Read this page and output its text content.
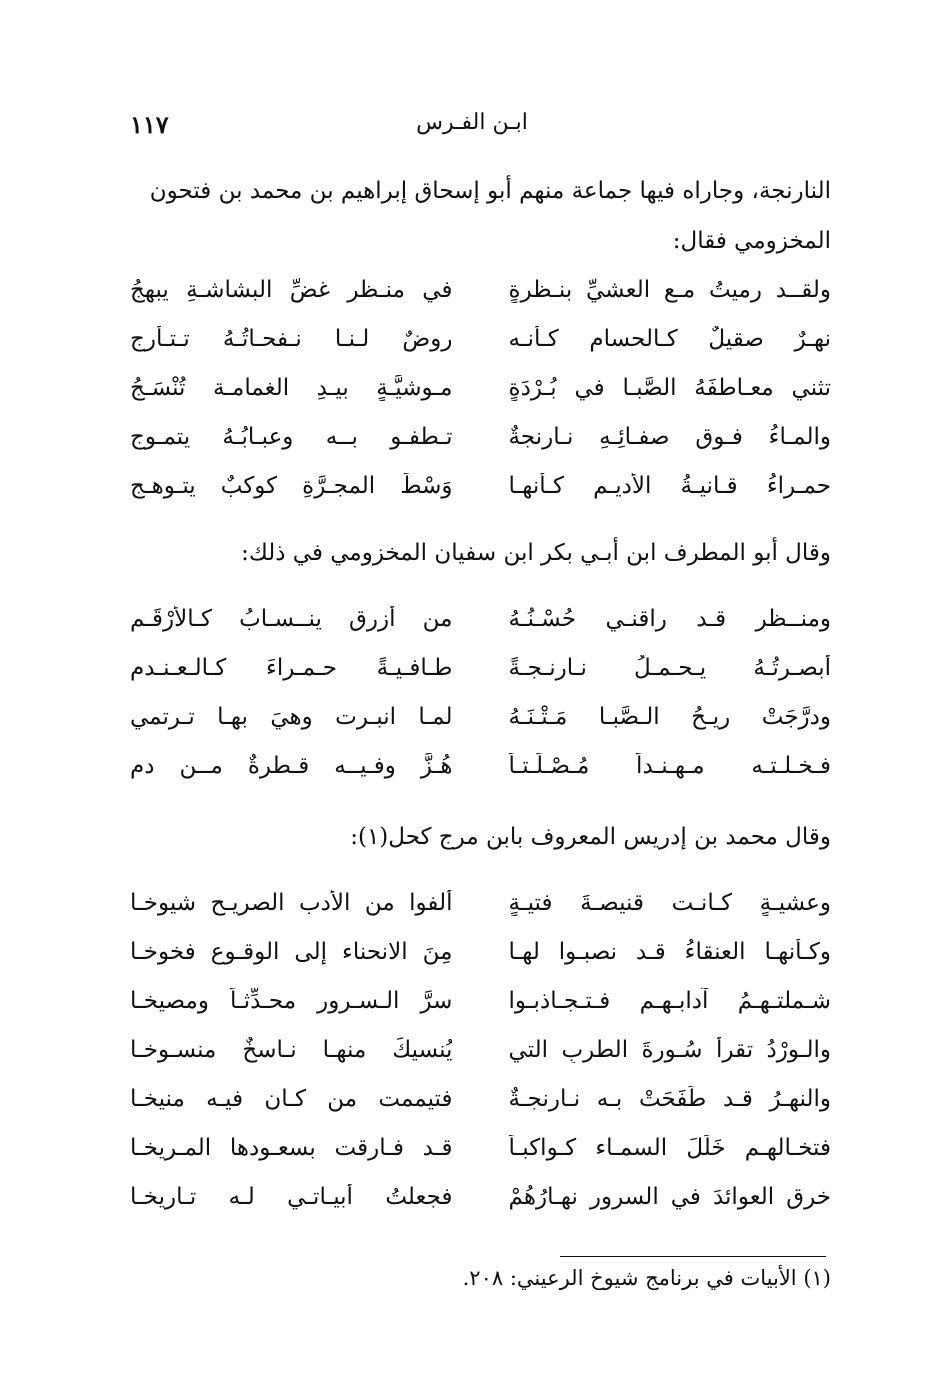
ابـن الفـرس
١١٧
النارنجة، وجاراه فيها جماعة منهم أبو إسحاق إبراهيم بن محمد بن فتحون
المخزومي فقال:
ولقــد رميتُ مـع العشيِّ بنـظرةٍ
في منـظرٍ غضِّ البشاشـةِ يبهجُ
نهـرٌ صقيلٌ كـالحسام كـأنـه
روضٌ لـنـا نـفحـاتُـهُ تـتـأرج
تثني معـاطفَهُ الصَّبـا في بُـرْدَةٍ
مـوشيَّـةٍ بيـدِ الغمامـة تُنْسَـجُ
والمـاءُ فـوق صفـائِـهِ نـارنجةٌ
تـطفـو بــه وعبـابُـهُ يتمـوج
حمـراءُ قـانيـةُ الأديـم كـأنهـا
وَسْطَ المجـرَّةِ كوكبٌ يتـوهـج
وقال أبو المطرف ابن أبـي بكر ابن سفيان المخزومي في ذلك:
ومنــظرٍ قـد راقنـي حُسْـنُـهُ
من أزرقٍ ينــسـابُ كـالأرْقَـمِ
أبصـرتُـهُ يـحـمـلُ نـارنـجـةً
طـافـيـةً حـمـراءَ كـالـعـنـدم
ودرَّجَتْ ريـحُ الـصَّبـا مَـتْـنَـهُ
لمـا انبـرت وهيَ بهـا تـرتمي
فـخـلـتـه مـهـنـداً مُـصْـلَـتـاً
هُـزَّ وفـيــه قـطرةٌ مــن دم
وقال محمد بن إدريس المعروف بابن مرج كحل(١):
وعشيـةٍ كـانـت قنيصـةَ فتيـةٍ
ألفوا من الأدب الصريـح شيوخـا
وكـأنهـا العنقاءُ قـد نصبـوا لهـا
مِنَ الانحناء إلى الوقـوع فخوخـا
شـملتـهـمُ آدابـهـم فـتـجـاذبـوا
سرَّ الـسـرور محـدِّثـاً ومصيخـا
والـورْدُ تقرأ سُـورةَ الطربِ التي
يُنسيكَ منهـا نـاسخٌ منسـوخـا
والنهـرُ قـد طَفَحَتْ بـه نـارنجـةٌ
فتيممت من كـان فيـه منيخـا
فتخـالهـم خَلَلَ السمـاء كـواكبـاً
قـد فـارقت بسعـودها المـريخـا
خرق العوائدَ في السرورِ نهـارُهُمْ
فجعلتُ أبيـاتـي لـه تـاريخـا
(١) الأبيات في برنامج شيوخ الرعيني: ٢٠٨.
